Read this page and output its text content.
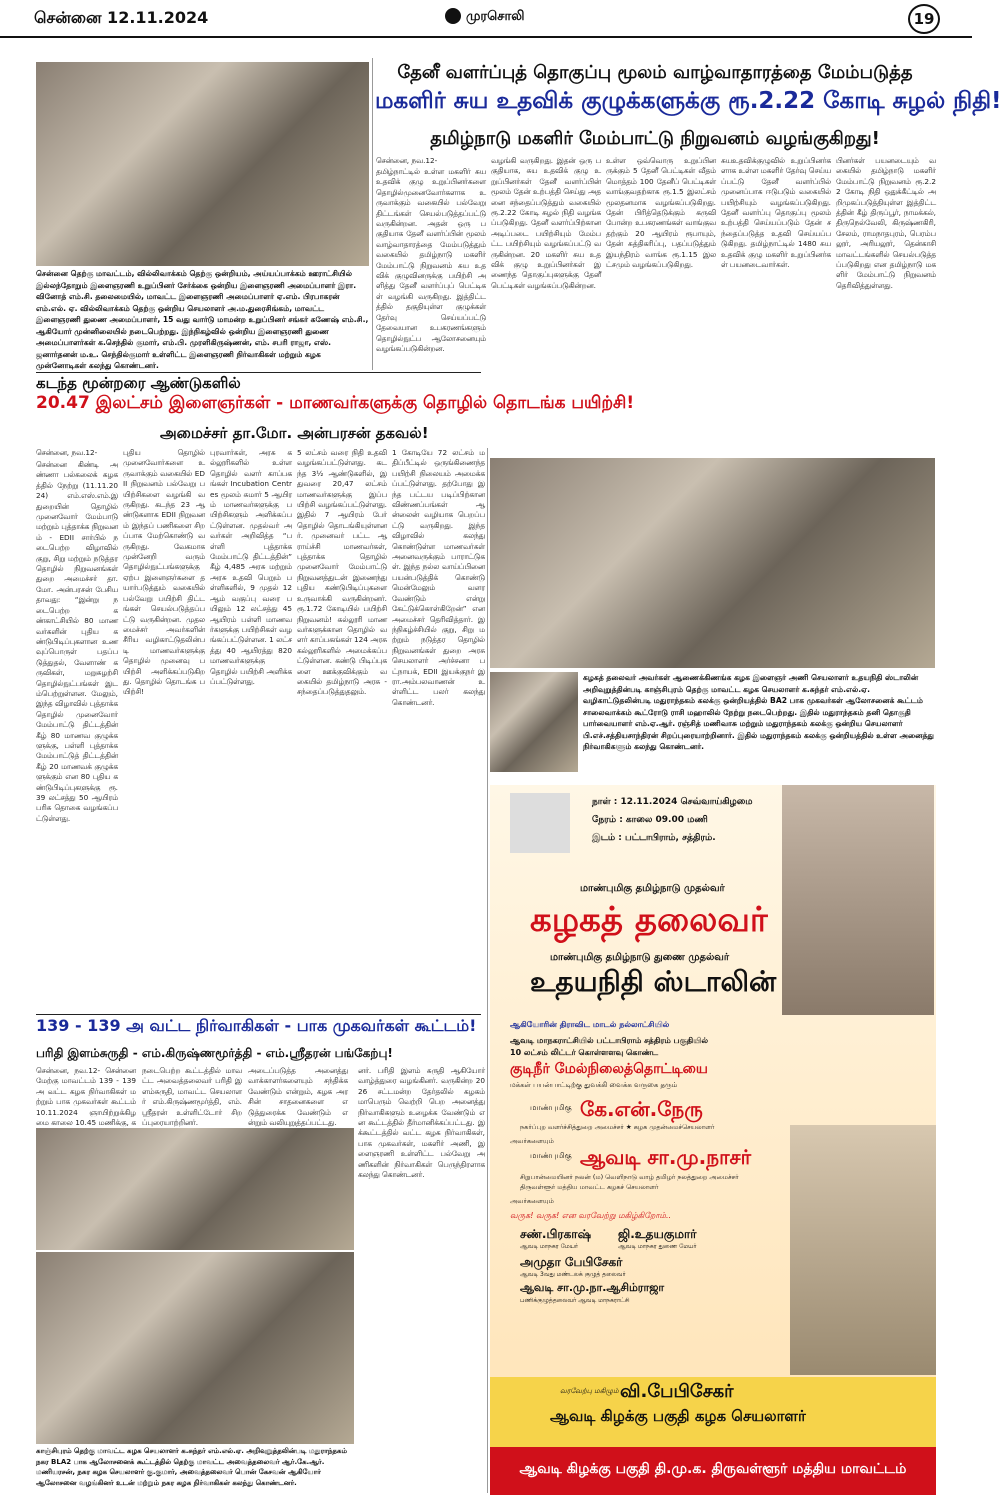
சென்னை 12.11.2024	முரசொலி	19
சென்னை தெற்கு மாவட்டம், வில்லிவாக்கம் தெற்கு ஒன்றியம், அய்யப்பாக்கம் ஊராட்சியில் இல்லந்தோறும் இளைஞரணி உறுப்பினர் சேர்க்கை ஒன்றிய இளைஞரணி அமைப்பாளர் இரா. வினோத் எம்.சி. தலைமையில், மாவட்ட இளைஞரணி அமைப்பாளர் ஏ.எம். பிரபாகரன் எம்.எல். ஏ. வில்லிவாக்கம் தெற்கு ஒன்றிய செயலாளர் அ.ம.துரைசிங்கம், மாவட்ட இளைஞரணி துணை அமைப்பாளர், 15 வது வார்டு மாமன்ற உறுப்பினர் சங்கர் கணேஷ் எம்.சி., ஆகியோர் முன்னிலையில் நடைபெற்றது. இந்நிகழ்வில் ஒன்றிய இளைஞரணி துணை அமைப்பாளர்கள் க.செந்தில் குமார், எம்.பி. முரளிகிருஷ்ணன், எம். சபரி ராஜா, எஸ். ஜனார்தனன் ம.உ. செந்தில்குமார் உள்ளிட்ட இளைஞரணி நிர்வாகிகள் மற்றும் கழக முன்னோடிகள் கலந்து கொண்டனர்.
தேனீ வளர்ப்புத் தொகுப்பு மூலம் வாழ்வாதாரத்தை மேம்படுத்த
மகளிர் சுய உதவிக் குழுக்களுக்கு ரூ.2.22 கோடி சுழல் நிதி!
தமிழ்நாடு மகளிர் மேம்பாட்டு நிறுவனம் வழங்குகிறது!
சென்னை, நவ.12-
தமிழ்நாட்டில் உள்ள மகளிர் சுய உதவிக் குழு உறுப்பினர்களை தொழில்முனைவோர்களாக உருவாக்கும் வகையில் பல்வேறு திட்டங்கள் செயல்படுத்தப்பட்டு வருகின்றன. அதன் ஒரு பகுதியாக தேனீ வளர்ப்பின் மூலம் வாழ்வாதாரத்தை மேம்படுத்தும் வகையில் தமிழ்நாடு மகளிர் மேம்பாட்டு நிறுவனம் சுய உதவிக் குழுவினருக்கு பயிற்சி அளித்து தேனீ வளர்ப்புப் பெட்டிகள் வழங்கி வருகிறது. இத்திட்டத்தில் தகுதியுள்ள குழுக்கள் தேர்வு செய்யப்பட்டு தேவையான உபகரணங்களும் தொழில்நுட்ப ஆலோசனையும் வழங்கப்படுகின்றன.
வழங்கி வருகிறது. இதன் ஒரு பகுதியாக, சுய உதவிக் குழு உறுப்பினர்கள் தேனீ வளர்ப்பின் மூலம் தேன் உற்பத்தி செய்து அதனை சந்தைப்படுத்தும் வகையில் ரூ.2.22 கோடி சுழல் நிதி வழங்கப்படுகிறது. தேனீ வளர்ப்பிற்கான அடிப்படை பயிற்சியும் மேம்பட்ட பயிற்சியும் வழங்கப்பட்டு வருகின்றன. 20 மகளிர் சுய உதவிக் குழு உறுப்பினர்கள் இணைந்த தொகுப்புகளுக்கு தேனீ பெட்டிகள் வழங்கப்படுகின்றன.
உள்ள ஒவ்வொரு உறுப்பினருக்கும் 5 தேனீ பெட்டிகள் வீதம் மொத்தம் 100 தேனீப் பெட்டிகள் வாங்குவதற்காக ரூ.1.5 இலட்சம் மூலதனமாக வழங்கப்படுகிறது. தேன் பிரித்தெடுக்கும் கருவி போன்ற உபகரணங்கள் வாங்குவதற்கும் 20 ஆயிரம் ரூபாயும், தேன் சுத்திகரிப்பு, பதப்படுத்தும் இயந்திரம் வாங்க ரூ.1.15 இலட்சமும் வழங்கப்படுகிறது.
சுயஉதவிக்குழுவில் உறுப்பினர்களாக உள்ள மகளிர் தேர்வு செய்யப்பட்டு தேனீ வளர்ப்பில் முனைப்பாக ஈடுபடும் வகையில் பயிற்சியும் வழங்கப்படுகிறது. தேனீ வளர்ப்பு தொகுப்பு மூலம் உற்பத்தி செய்யப்படும் தேன் சந்தைப்படுத்த உதவி செய்யப்படுகிறது. தமிழ்நாட்டில் 1480 சுய உதவிக் குழு மகளிர் உறுப்பினர்கள் பயனடைவார்கள்.
பினர்கள் பயனடையும் வகையில் தமிழ்நாடு மகளிர் மேம்பாட்டு நிறுவனம் ரூ.2.22 கோடி நிதி ஒதுக்கீட்டில் அறிமுகப்படுத்தியுள்ள இத்திட்டத்தின் கீழ் திருப்பூர், நாமக்கல், திருநெல்வேலி, கிருஷ்ணகிரி, சேலம், ராமநாதபுரம், பெரம்பலூர், அரியலூர், தென்காசி மாவட்டங்களில் செயல்படுத்தப்படுகிறது என தமிழ்நாடு மகளிர் மேம்பாட்டு நிறுவனம் தெரிவித்துள்ளது.
கடந்த மூன்றரை ஆண்டுகளில்
20.47 இலட்சம் இளைஞர்கள் - மாணவர்களுக்கு தொழில் தொடங்க பயிற்சி!
அமைச்சர் தா.மோ. அன்பரசன் தகவல்!
சென்னை, நவ.12-
சென்னை கிண்டி அண்ணா பல்கலைக் கழகத்தில் நேற்று (11.11.2024) எம்.எஸ்.எம்.இ துறையின் தொழில் முனைவோர் மேம்பாடு மற்றும் புத்தாக்க நிறுவனம் - EDII சார்பில் நடைபெற்ற விழாவில் குறு, சிறு மற்றும் நடுத்தர தொழில் நிறுவனங்கள் துறை அமைச்சர் தா.மோ. அன்பரசன் பேசியதாவது: “இன்று நடைபெற்ற கண்காட்சியில் 80 மாணவர்களின் புதிய கண்டுபிடிப்புகளான உணவுப்பொருள் பதப்படுத்துதல், வேளாண் கருவிகள், மறுசுழற்சி தொழில்நுட்பங்கள் இடம்பெற்றுள்ளன. மேலும், இந்த விழாவில் புத்தாக்க தொழில் முனைவோர் மேம்பாட்டு திட்டத்தின் கீழ் 80 மாணவ குழுக்களுக்கு, பள்ளி புத்தாக்க மேம்பாட்டுத் திட்டத்தின் கீழ் 20 மாணவக் குழுக்களுக்கும் என 80 புதிய கண்டுபிடிப்புகளுக்கு ரூ. 39 லட்சத்து 50 ஆயிரம் பரிசு தொகை வழங்கப்பட்டுள்ளது.
புதிய தொழில் முனைவோர்களை உருவாக்கும் வகையில் EDII நிறுவனம் பல்வேறு பயிற்சிகளை வழங்கி வருகிறது. கடந்த 23 ஆண்டுகளாக EDII நிறுவனம் இந்தப் பணிகளை சிறப்பாக மேற்கொண்டு வருகிறது. வேகமாக முன்னேறி வரும் தொழில்நுட்பங்களுக்கு ஏற்ப இளைஞர்களை தயார்படுத்தும் வகையில் பல்வேறு பயிற்சி திட்டங்கள் செயல்படுத்தப்பட்டு வருகின்றன. முதலமைச்சர் அவர்களின் சீரிய வழிகாட்டுதலின்படி மாணவர்களுக்கு தொழில் முனைவு பயிற்சி அளிக்கப்படுகிறது. தொழில் தொடங்க பயிற்சி!
புரவார்கள், அரசு கல்லூரிகளில் உள்ள தொழில் வளர் காப்பகங்கள் Incubation Centres மூலம் சுமார் 5 ஆயிரம் மாணவர்களுக்கு பயிற்சிகளும் அளிக்கப்பட்டுள்ளன. முதல்வர் அவர்கள் அறிவித்த “பள்ளி புத்தாக்க மேம்பாட்டு திட்டத்தின்” கீழ் 4,485 அரசு மற்றும் அரசு உதவி பெறும் பள்ளிகளில், 9 முதல் 12 ஆம் வகுப்பு வரை பயிலும் 12 லட்சத்து 45 ஆயிரம் பள்ளி மாணவர்களுக்கு பயிற்சிகள் வழங்கப்பட்டுள்ளன. 1 லட்சத்து 40 ஆயிரத்து 820 மாணவர்களுக்கு தொழில் பயிற்சி அளிக்கப்பட்டுள்ளது.
5 லட்சம் வரை நிதி உதவி வழங்கப்பட்டுள்ளது. கடந்த 3½ ஆண்டுகளில், இதுவரை 20,47 லட்சம் மாணவர்களுக்கு இப்பயிற்சி வழங்கப்பட்டுள்ளது. இதில் 7 ஆயிரம் பேர் தொழில் தொடங்கியுள்ளனர். முனைவர் பட்ட ஆராய்ச்சி மாணவர்கள், புத்தாக்க தொழில் முனைவோர் மேம்பாட்டு நிறுவனத்துடன் இணைந்து புதிய கண்டுபிடிப்புகளை உருவாக்கி வருகின்றனர். ரூ.1.72 கோடியில் பயிற்சி நிறுவனம்! கல்லூரி மாணவர்களுக்கான தொழில் வளர் காப்பகங்கள் 124 அரசு கல்லூரிகளில் அமைக்கப்பட்டுள்ளன. கண்டு பிடிப்புகளை ஊக்குவிக்கும் வகையில் தமிழ்நாடு அரசு - சந்தைப்படுத்துதலும்.
1 கோடியே 72 லட்சம் மதிப்பீட்டில் ஒருங்கிணைந்த பயிற்சி நிலையம் அமைக்கப்பட்டுள்ளது. தற்போது இந்த பட்டய படிப்பிற்கான விண்ணப்பங்கள் ஆன்லைன் வழியாக பெறப்பட்டு வருகிறது. இந்த விழாவில் கலந்து கொண்டுள்ள மாணவர்கள் அனைவருக்கும் பாராட்டுகள். இந்த நல்ல வாய்ப்பினை பயன்படுத்திக் கொண்டு மென்மேலும் வளர வேண்டும் என்று கேட்டுக்கொள்கிறேன்” என அமைச்சர் தெரிவித்தார். இந்நிகழ்ச்சியில் குறு, சிறு மற்றும் நடுத்தர தொழில் நிறுவனங்கள் துறை அரசு செயலாளர் அர்ச்சனா பட்நாயக், EDII இயக்குநர் இரா.அம்பலவாணன் உள்ளிட்ட பலர் கலந்து கொண்டனர்.
கழகத் தலைவர் அவர்கள் ஆணைக்கிணங்க கழக இளைஞர் அணி செயலாளர் உதயநிதி ஸ்டாலின் அறிவுறுத்தின்படி காஞ்சிபுரம் தெற்கு மாவட்ட கழக செயலாளர் க.சுந்தர் எம்.எல்.ஏ. வழிகாட்டுதலின்படி மதுராந்தகம் கலக்கு ஒன்றியத்தில் BA2 பாக முகவர்கள் ஆலோசனைக் கூட்டம் சாலைவாக்கம் கூட்ரோடு ராசி மஹாலில் நேற்று நடைபெற்றது. இதில் மதுராந்தகம் தனி தொகுதி பார்வையாளர் எம்.ஏ.ஆர். ரஞ்சித் மணிவாசு மற்றும் மதுராந்தகம் கலக்கு ஒன்றிய செயலாளர் பி.எச்.சத்தியசாந்திரன் சிறப்புரையாற்றினார். இதில் மதுராந்தகம் கலக்கு ஒன்றியத்தில் உள்ள அனைத்து நிர்வாகிகளும் கலந்து கொண்டனர்.
139 - 139 அ வட்ட நிர்வாகிகள் - பாக முகவர்கள் கூட்டம்!
பரிதி இளம்சுருதி - எம்.கிருஷ்ணமூர்த்தி - எம்.ஸ்ரீதரன் பங்கேற்பு!
சென்னை, நவ.12- சென்னை மேற்கு மாவட்டம் 139 - 139 அ வட்ட கழக நிர்வாகிகள் மற்றும் பாக முகவர்கள் கூட்டம் 10.11.2024 ஞாயிற்றுக்கிழமை காலை 10.45 மணிக்கு, க
நடைபெற்ற கூட்டத்தில் மாவட்ட அவைத்தலைவர் பரிதி இளம்சுருதி, மாவட்ட செயலாளர் எம்.கிருஷ்ணமூர்த்தி, எம்.ஸ்ரீதரன் உள்ளிட்டோர் சிறப்புரையாற்றினர்.
அடைப்படுத்த அனைத்து வாக்காளர்களையும் சந்திக்க வேண்டும் என்றும், கழக அரசின் சாதனைகளை எடுத்துரைக்க வேண்டும் என்றும் வலியுறுத்தப்பட்டது.
னர். பரிதி இளம் சுருதி ஆகியோர் வாழ்த்துரை வழங்கினர். வருகின்ற 2026 சட்டமன்ற தேர்தலில் கழகம் மாபெரும் வெற்றி பெற அனைத்து நிர்வாகிகளும் உழைக்க வேண்டும் என கூட்டத்தில் தீர்மானிக்கப்பட்டது. இக்கூட்டத்தில் வட்ட கழக நிர்வாகிகள், பாக முகவர்கள், மகளிர் அணி, இளைஞரணி உள்ளிட்ட பல்வேறு அணிகளின் நிர்வாகிகள் பெருந்திரளாக கலந்து கொண்டனர்.
காஞ்சிபுரம் தெற்கு மாவட்ட கழக செயலாளர் க.சுந்தர் எம்.எல்.ஏ. அறிவுறுத்தலின்படி மதுராந்தகம் நகர BLA2 பாக ஆலோசனைக் கூட்டத்தில் தெற்கு மாவட்ட அவைத்தலைவர் ஆர்.கே.ஆர். மணியரசன், நகர கழக செயலாளர் கு.குமார், அவைத்தலைவர் பொன் கேசவன் ஆகியோர் ஆலோசனை வழங்கினர் உடன் மற்றும் நகர கழக நிர்வாகிகள் கலந்து கொண்டனர்.
நாள் : 12.11.2024 செவ்வாய்கிழமை
நேரம் : காலை 09.00 மணி
இடம் : பட்டாபிராம், சத்திரம்.
மாண்புமிகு தமிழ்நாடு முதல்வர்
கழகத் தலைவர்
மாண்புமிகு தமிழ்நாடு துணை முதல்வர்
உதயநிதி ஸ்டாலின்
ஆகியோரின் திராவிட மாடல் நல்லாட்சியில்
ஆவடி மாநகராட்சியில் பட்டாபிராம் சத்திரம் பகுதியில்
10 லட்சம் லிட்டர் கொள்ளளவு கொண்ட
குடிநீர் மேல்நிலைத்தொட்டியை
மக்கள் பயன்பாட்டிற்கு துவக்கி வைக்க வருகை தரும்
மாண்புமிகு கே.என்.நேரு
நகர்ப்புற வளர்ச்சித்துறை அமைச்சர் ★ கழக முதன்மைச்செயலாளர்
அவர்களையும்
மாண்புமிகு ஆவடி சா.மு.நாசர்
சிறுபான்மையினர் நலன் (ம) வெளிநாடு வாழ் தமிழர் நலத்துறை அமைச்சர்
திருவள்ளூர் மத்திய மாவட்ட கழகச் செயலாளர்
அவர்களையும்
வருக! வருக! என வரவேற்று மகிழ்கிறோம்..
சண்.பிரகாஷ்
ஆவடி மாநகர மேயர்
ஜி.உதயகுமார்
ஆவடி மாநகர துணை மேயர்
அமுதா பேபிசேகர்
ஆவடி 3வது மண்டலக் குழுத் தலைவர்
ஆவடி சா.மு.நா.ஆசிம்ராஜா
பணிக்குழுத்தலைவர் ஆவடி மாநகராட்சி
வரவேற்பு மகிழும் வி.பேபிசேகர்
ஆவடி கிழக்கு பகுதி கழக செயலாளர்
ஆவடி கிழக்கு பகுதி தி.மு.க. திருவள்ளூர் மத்திய மாவட்டம்
